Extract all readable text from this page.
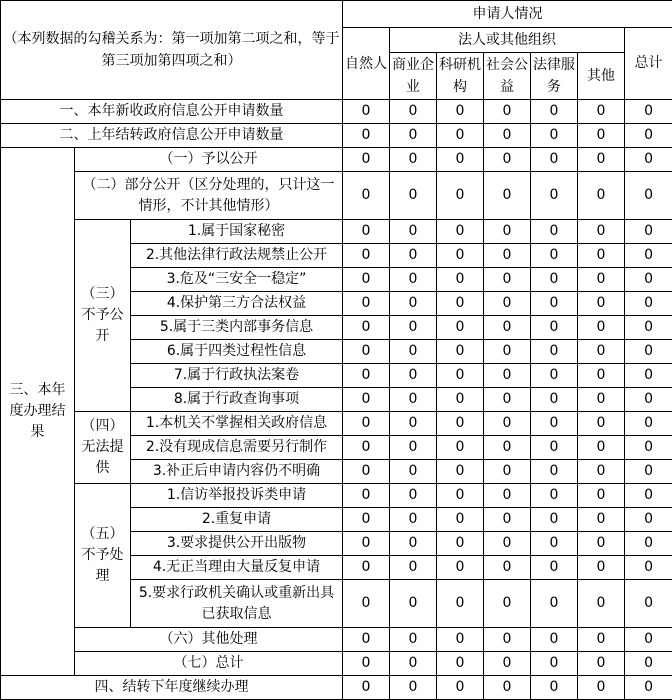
（本列数据的勾稽关系为：第一项加第二项之和，等于第三项加第四项之和）			申请人情况						
			自然人	法人或其他组织					总计
				商业企业	科研机构	社会公益	法律服务	其他	
一、本年新收政府信息公开申请数量			0	0	0	0	0	0	0
二、上年结转政府信息公开申请数量			0	0	0	0	0	0	0
三、本年度办理结果	（一）予以公开		0	0	0	0	0	0	0
	（二）部分公开（区分处理的，只计这一情形，不计其他情形）		0	0	0	0	0	0	0
	（三）不予公开	1.属于国家秘密	0	0	0	0	0	0	0
		2.其他法律行政法规禁止公开	0	0	0	0	0	0	0
		3.危及“三安全一稳定”	0	0	0	0	0	0	0
		4.保护第三方合法权益	0	0	0	0	0	0	0
		5.属于三类内部事务信息	0	0	0	0	0	0	0
		6.属于四类过程性信息	0	0	0	0	0	0	0
		7.属于行政执法案卷	0	0	0	0	0	0	0
		8.属于行政查询事项	0	0	0	0	0	0	0
	（四）无法提供	1.本机关不掌握相关政府信息	0	0	0	0	0	0	0
		2.没有现成信息需要另行制作	0	0	0	0	0	0	0
		3.补正后申请内容仍不明确	0	0	0	0	0	0	0
	（五）不予处理	1.信访举报投诉类申请	0	0	0	0	0	0	0
		2.重复申请	0	0	0	0	0	0	0
		3.要求提供公开出版物	0	0	0	0	0	0	0
		4.无正当理由大量反复申请	0	0	0	0	0	0	0
		5.要求行政机关确认或重新出具已获取信息	0	0	0	0	0	0	0
	（六）其他处理		0	0	0	0	0	0	0
	（七）总计		0	0	0	0	0	0	0
四、结转下年度继续办理			0	0	0	0	0	0	0
